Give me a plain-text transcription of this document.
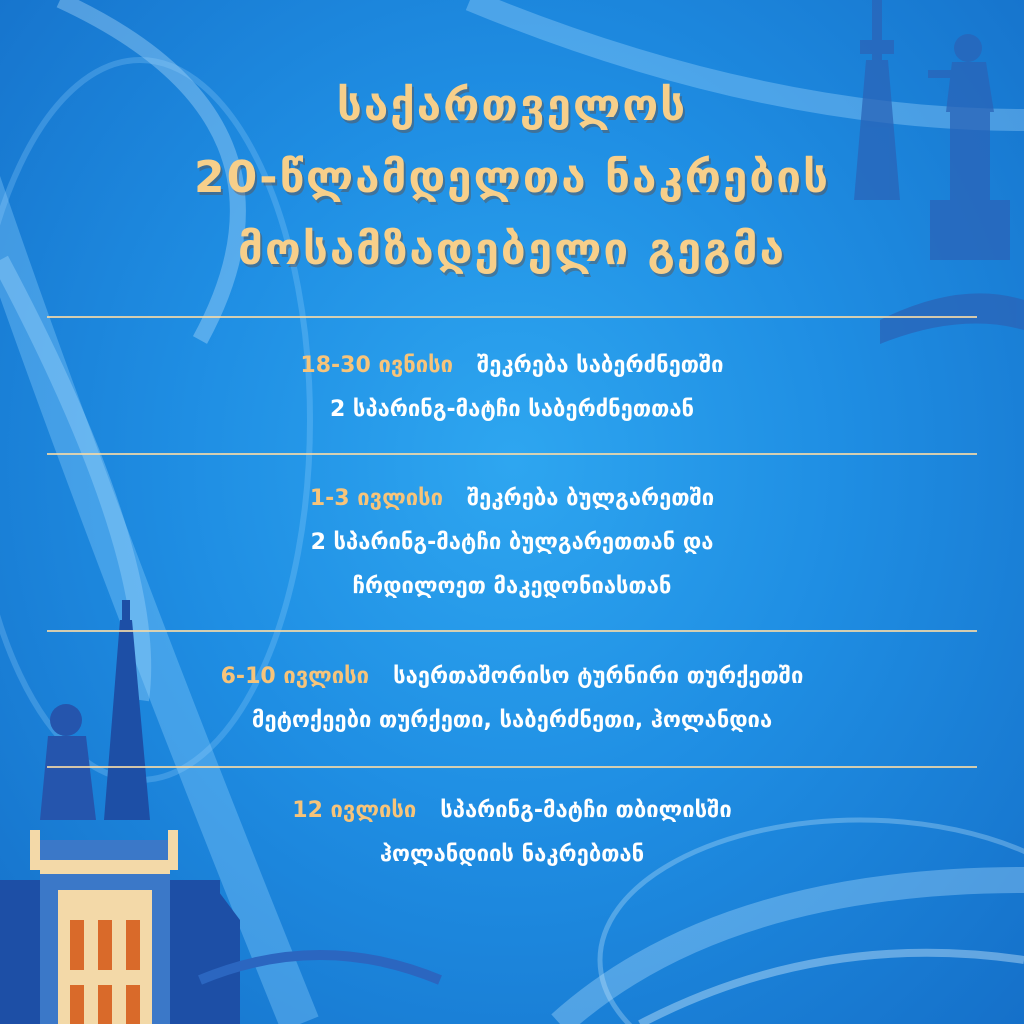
საქართველოს
20-წლამდელთა ნაკრების
მოსამზადებელი გეგმა
18-30 ივნისი შეკრება საბერძნეთში
2 სპარინგ-მატჩი საბერძნეთთან
1-3 ივლისი შეკრება ბულგარეთში
2 სპარინგ-მატჩი ბულგარეთთან და
ჩრდილოეთ მაკედონიასთან
6-10 ივლისი საერთაშორისო ტურნირი თურქეთში
მეტოქეები თურქეთი, საბერძნეთი, ჰოლანდია
12 ივლისი სპარინგ-მატჩი თბილისში
ჰოლანდიის ნაკრებთან
